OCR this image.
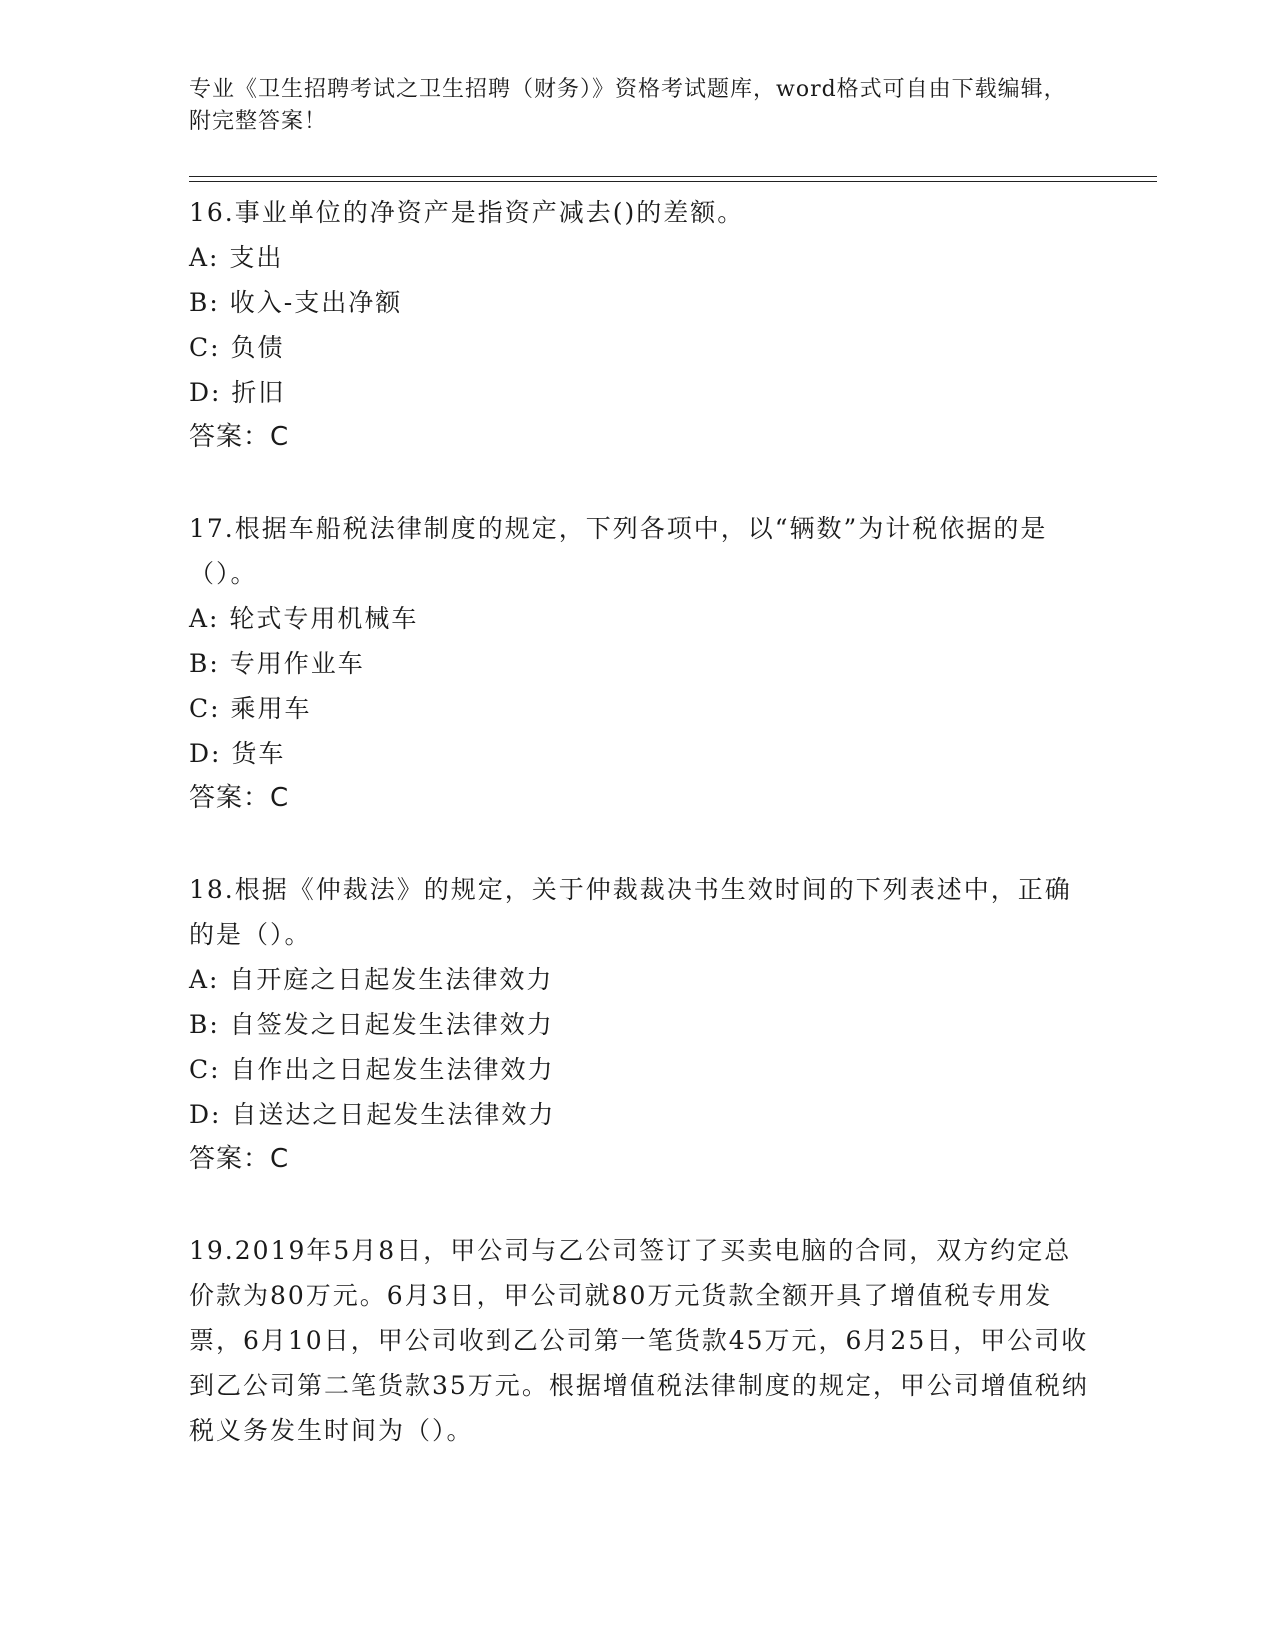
专业《卫生招聘考试之卫生招聘（财务）》资格考试题库，word格式可自由下载编辑，附完整答案！

16.事业单位的净资产是指资产减去()的差额。

A: 支出

B: 收入-支出净额

C: 负债

D: 折旧

答案：C

17.根据车船税法律制度的规定，下列各项中，以“辆数”为计税依据的是（）。

A: 轮式专用机械车

B: 专用作业车

C: 乘用车

D: 货车

答案：C

18.根据《仲裁法》的规定，关于仲裁裁决书生效时间的下列表述中，正确的是（）。

A: 自开庭之日起发生法律效力

B: 自签发之日起发生法律效力

C: 自作出之日起发生法律效力

D: 自送达之日起发生法律效力

答案：C

19.2019年5月8日，甲公司与乙公司签订了买卖电脑的合同，双方约定总价款为80万元。6月3日，甲公司就80万元货款全额开具了增值税专用发票，6月10日，甲公司收到乙公司第一笔货款45万元，6月25日，甲公司收到乙公司第二笔货款35万元。根据增值税法律制度的规定，甲公司增值税纳税义务发生时间为（）。
